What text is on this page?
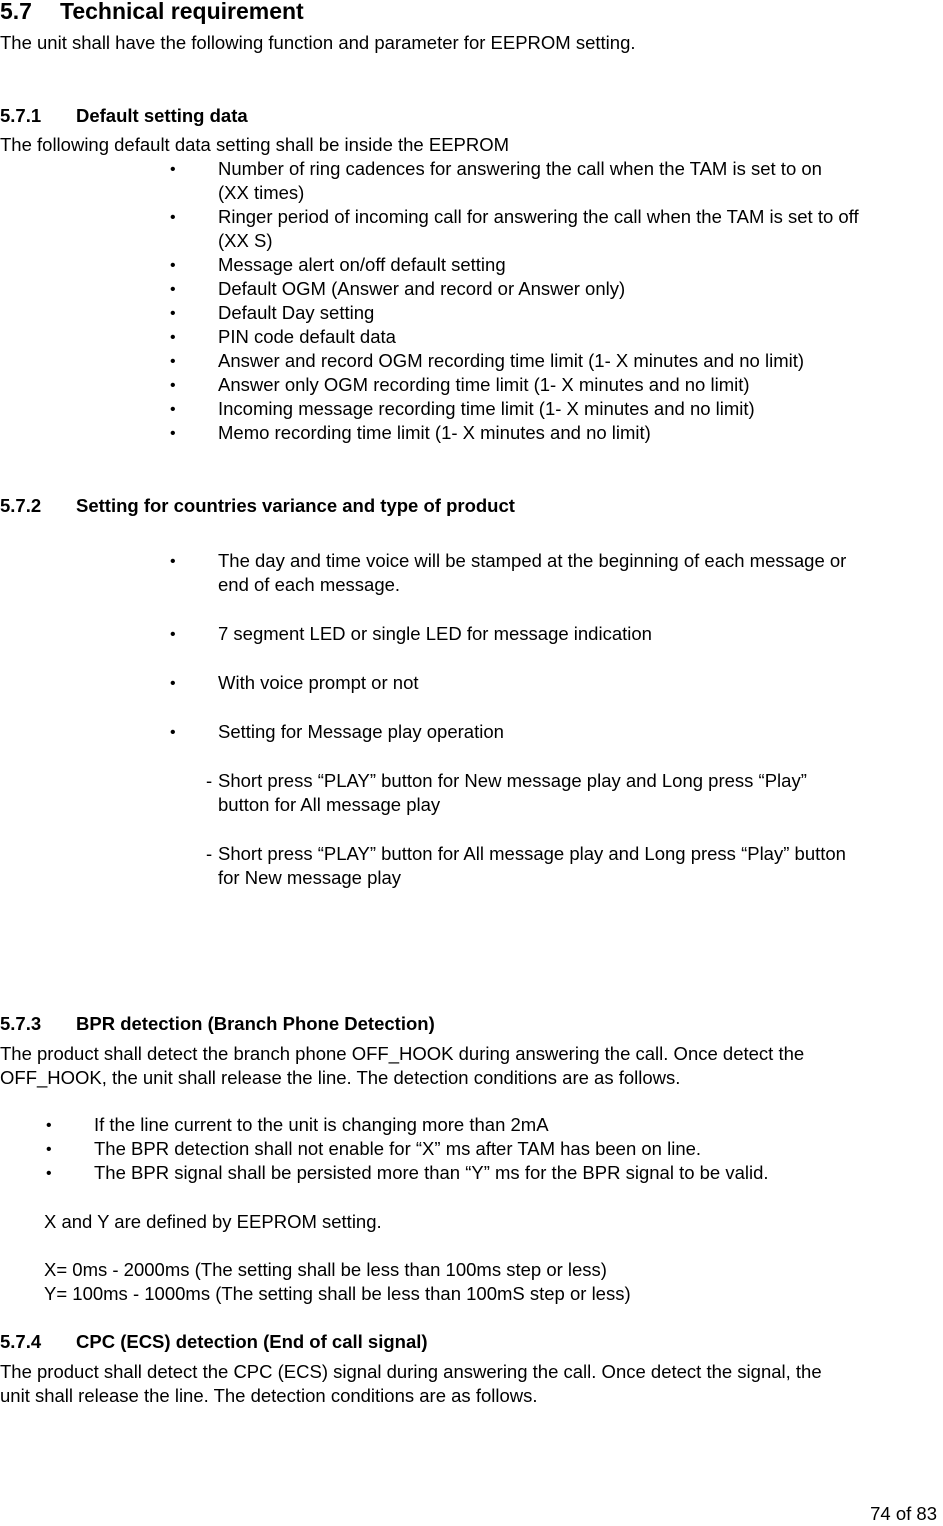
5.7 Technical requirement
The unit shall have the following function and parameter for EEPROM setting.
5.7.1 Default setting data
The following default data setting shall be inside the EEPROM
• Number of ring cadences for answering the call when the TAM is set to on
(XX times)
• Ringer period of incoming call for answering the call when the TAM is set to off
(XX S)
• Message alert on/off default setting
• Default OGM (Answer and record or Answer only)
• Default Day setting
• PIN code default data
• Answer and record OGM recording time limit (1- X minutes and no limit)
• Answer only OGM recording time limit (1- X minutes and no limit)
• Incoming message recording time limit (1- X minutes and no limit)
• Memo recording time limit (1- X minutes and no limit)
5.7.2 Setting for countries variance and type of product
• The day and time voice will be stamped at the beginning of each message or
end of each message.
• 7 segment LED or single LED for message indication
• With voice prompt or not
• Setting for Message play operation
- Short press “PLAY” button for New message play and Long press “Play”
button for All message play
- Short press “PLAY” button for All message play and Long press “Play” button
for New message play
5.7.3 BPR detection (Branch Phone Detection)
The product shall detect the branch phone OFF_HOOK during answering the call. Once detect the
OFF_HOOK, the unit shall release the line. The detection conditions are as follows.
• If the line current to the unit is changing more than 2mA
• The BPR detection shall not enable for “X” ms after TAM has been on line.
• The BPR signal shall be persisted more than “Y” ms for the BPR signal to be valid.
X and Y are defined by EEPROM setting.
X= 0ms - 2000ms (The setting shall be less than 100ms step or less)
Y= 100ms - 1000ms (The setting shall be less than 100mS step or less)
5.7.4 CPC (ECS) detection (End of call signal)
The product shall detect the CPC (ECS) signal during answering the call. Once detect the signal, the
unit shall release the line. The detection conditions are as follows.
74 of 83
